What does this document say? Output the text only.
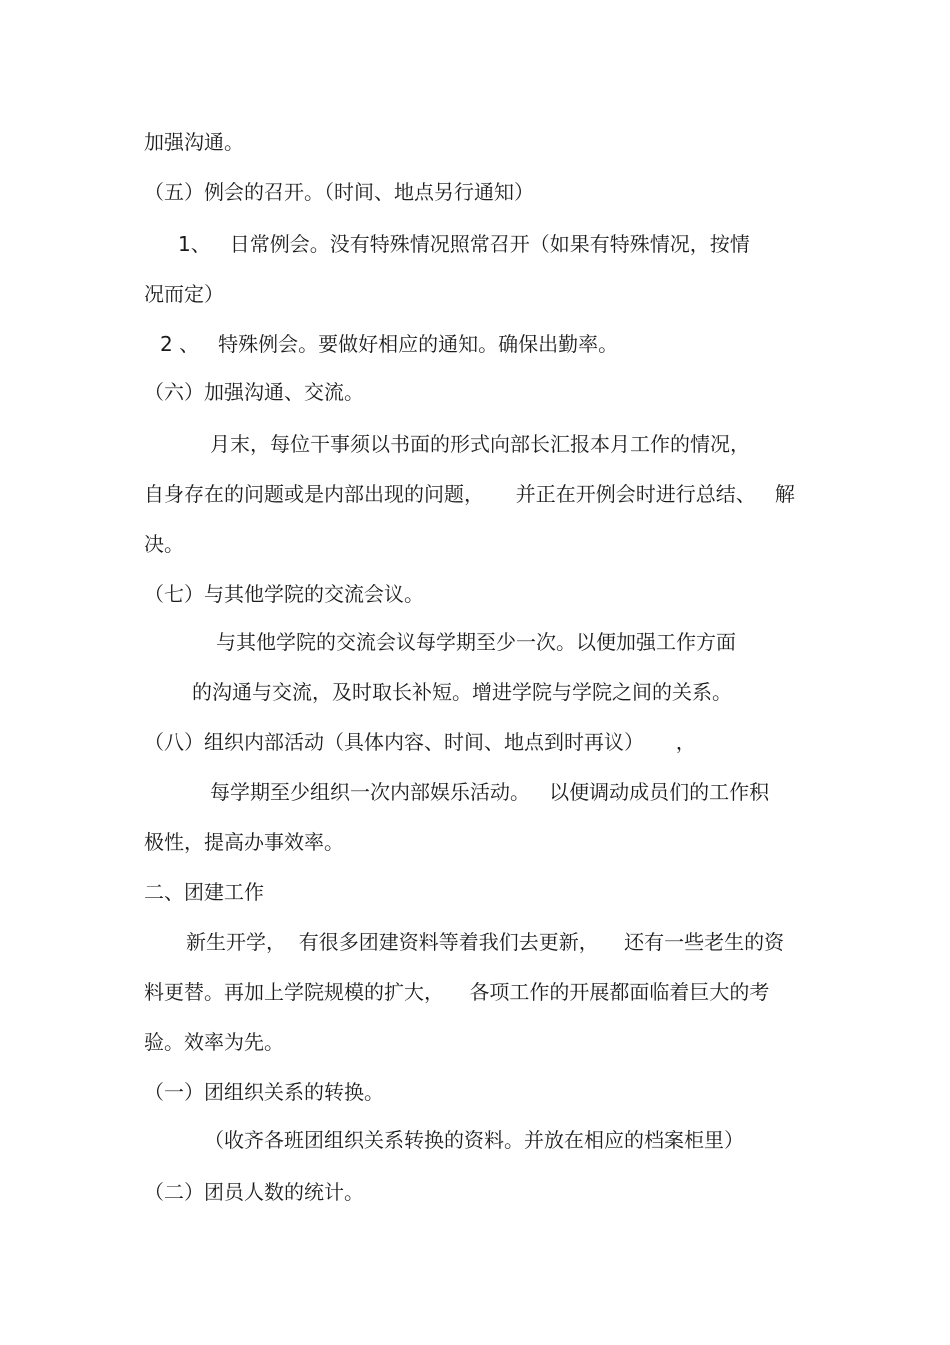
加强沟通。
（五）例会的召开。（时间、地点另行通知）
1、   日常例会。没有特殊情况照常召开（如果有特殊情况，按情
况而定）
2 、   特殊例会。要做好相应的通知。确保出勤率。
（六）加强沟通、交流。
月末，每位干事须以书面的形式向部长汇报本月工作的情况，
自身存在的问题或是内部出现的问题，     并正在开例会时进行总结、   解
决。
（七）与其他学院的交流会议。
与其他学院的交流会议每学期至少一次。以便加强工作方面
的沟通与交流，及时取长补短。增进学院与学院之间的关系。
（八）组织内部活动（具体内容、时间、地点到时再议）     ，
每学期至少组织一次内部娱乐活动。   以便调动成员们的工作积
极性，提高办事效率。
二、团建工作
新生开学，  有很多团建资料等着我们去更新，    还有一些老生的资
料更替。再加上学院规模的扩大，    各项工作的开展都面临着巨大的考
验。效率为先。
（一）团组织关系的转换。
（收齐各班团组织关系转换的资料。并放在相应的档案柜里）
（二）团员人数的统计。
